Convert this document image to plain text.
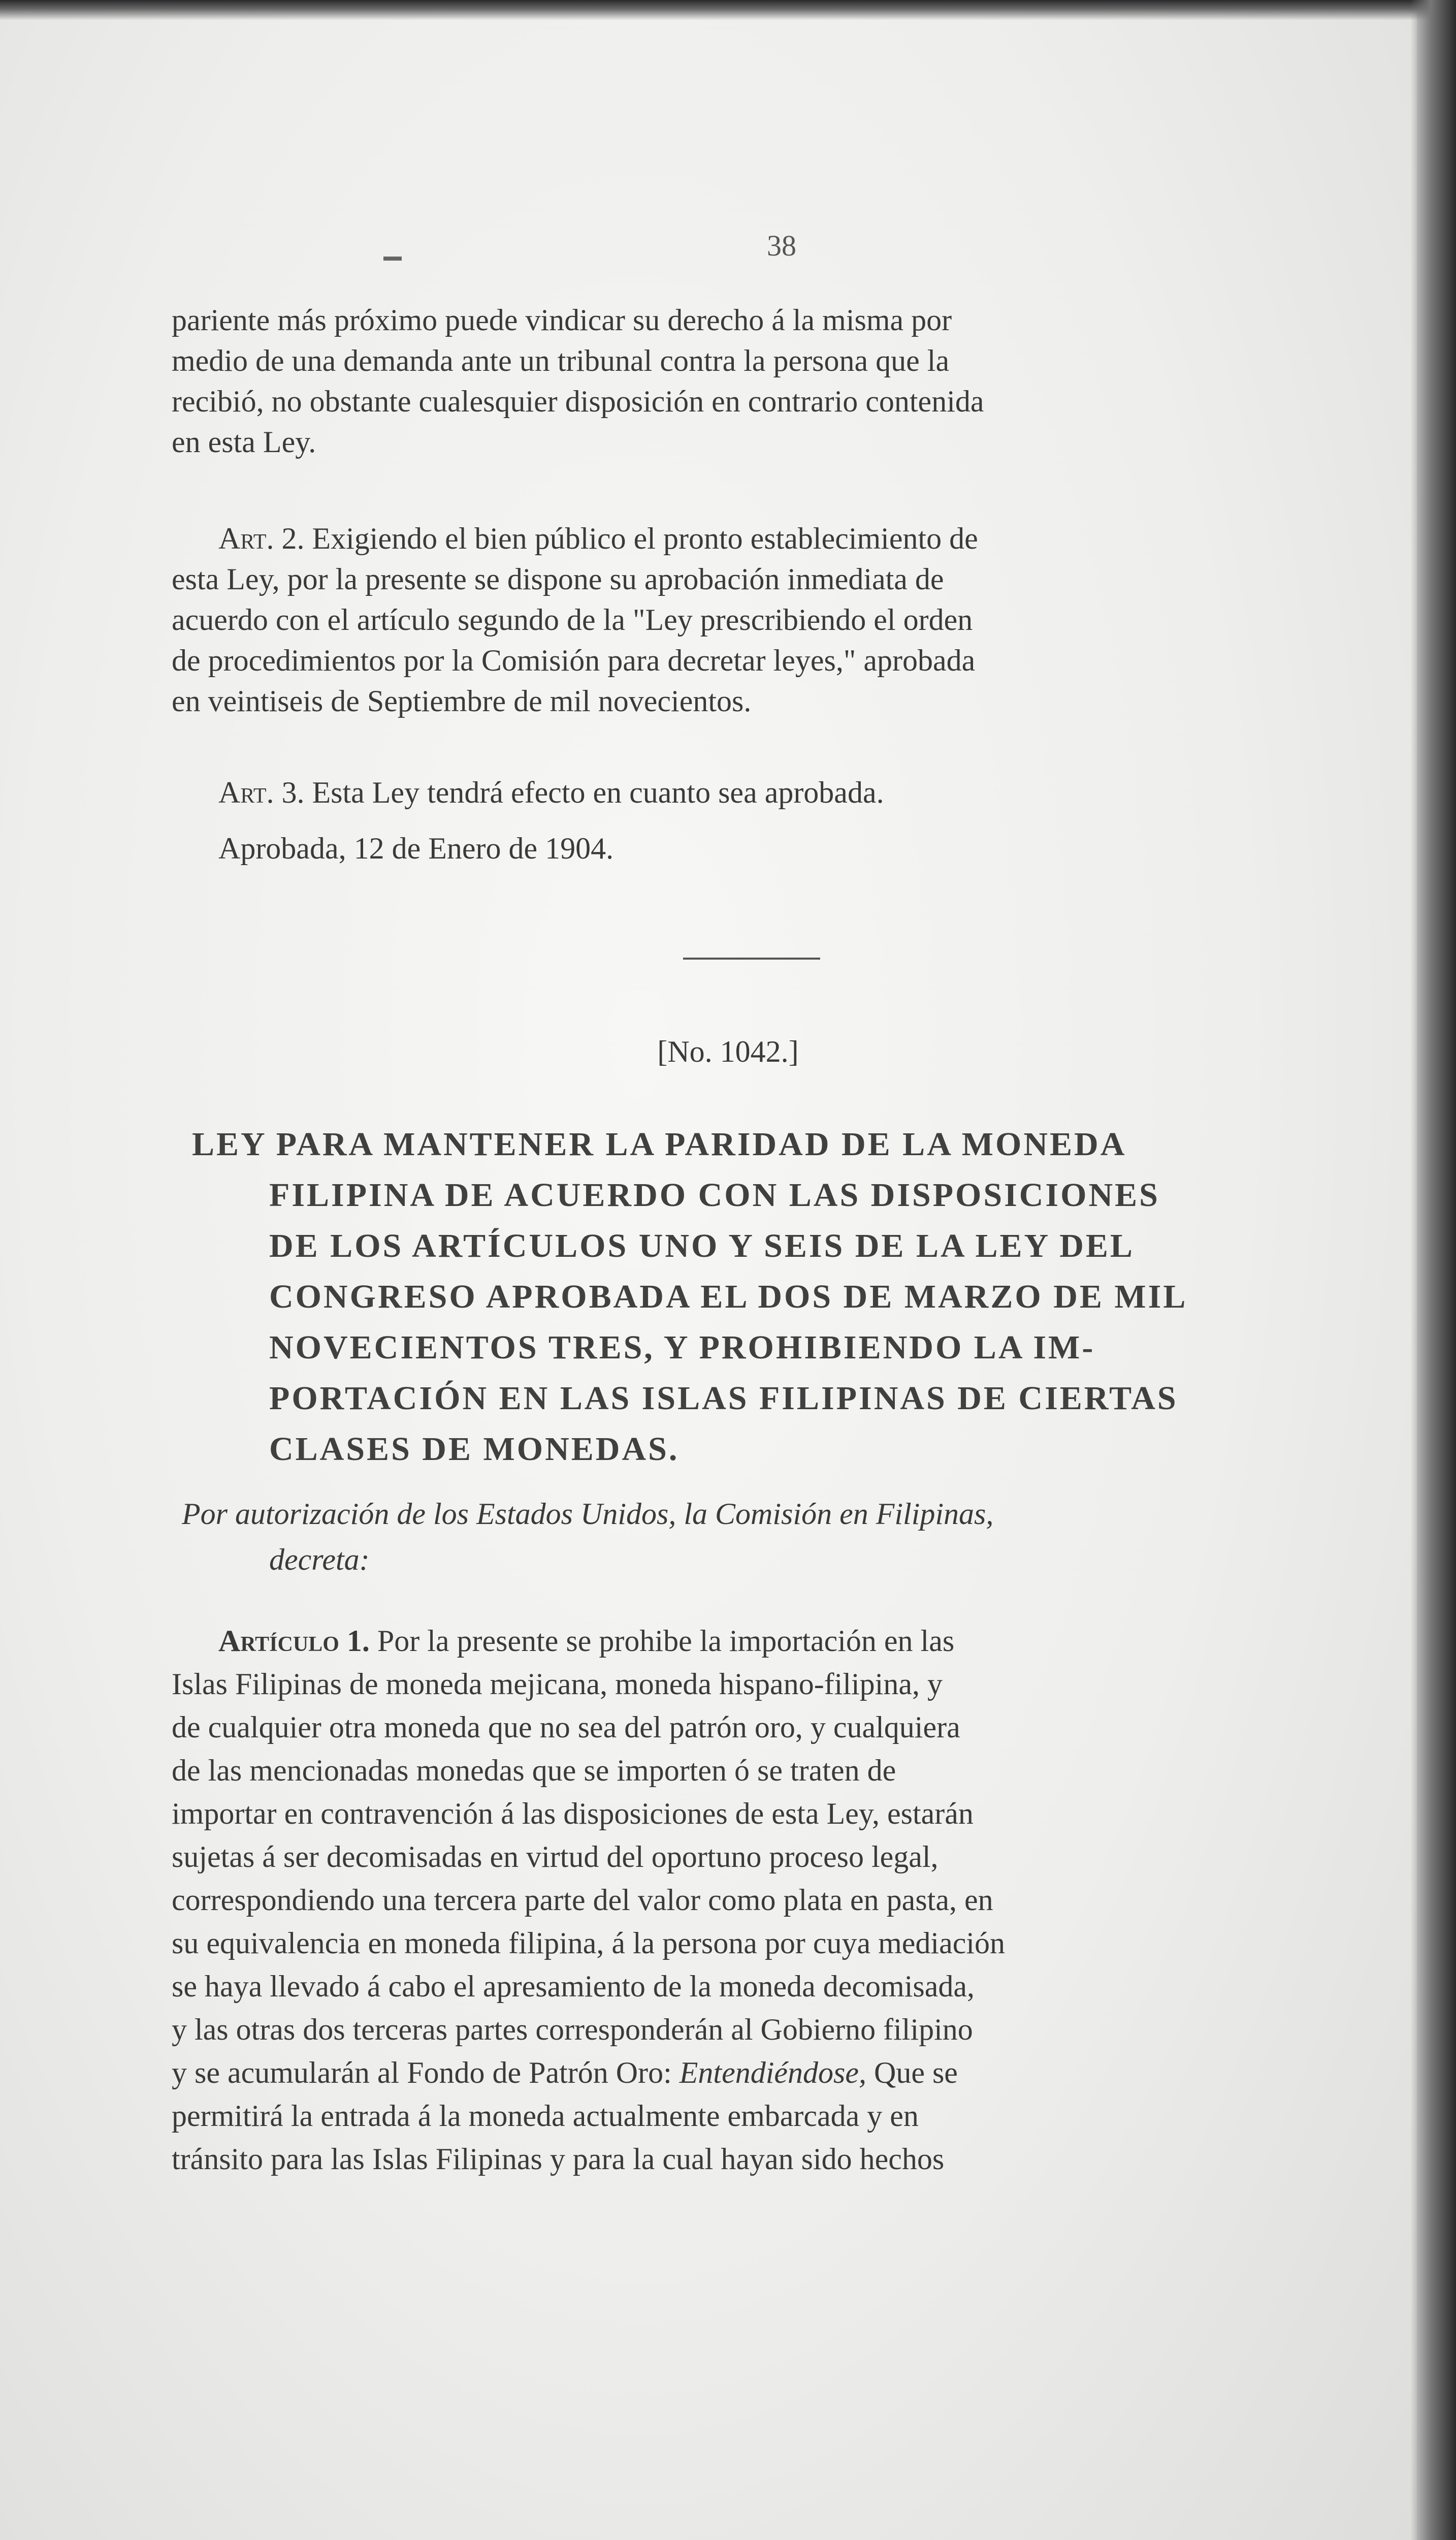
38
pariente más próximo puede vindicar su derecho á la misma por
medio de una demanda ante un tribunal contra la persona que la
recibió, no obstante cualesquier disposición en contrario contenida
en esta Ley.
Art. 2. Exigiendo el bien público el pronto establecimiento de
esta Ley, por la presente se dispone su aprobación inmediata de
acuerdo con el artículo segundo de la "Ley prescribiendo el orden
de procedimientos por la Comisión para decretar leyes," aprobada
en veintiseis de Septiembre de mil novecientos.
Art. 3. Esta Ley tendrá efecto en cuanto sea aprobada.
Aprobada, 12 de Enero de 1904.
[No. 1042.]
LEY PARA MANTENER LA PARIDAD DE LA MONEDA
FILIPINA DE ACUERDO CON LAS DISPOSICIONES
DE LOS ARTÍCULOS UNO Y SEIS DE LA LEY DEL
CONGRESO APROBADA EL DOS DE MARZO DE MIL
NOVECIENTOS TRES, Y PROHIBIENDO LA IM-
PORTACIÓN EN LAS ISLAS FILIPINAS DE CIERTAS
CLASES DE MONEDAS.
Por autorización de los Estados Unidos, la Comisión en Filipinas,
decreta:
Artículo 1. Por la presente se prohibe la importación en las
Islas Filipinas de moneda mejicana, moneda hispano-filipina, y
de cualquier otra moneda que no sea del patrón oro, y cualquiera
de las mencionadas monedas que se importen ó se traten de
importar en contravención á las disposiciones de esta Ley, estarán
sujetas á ser decomisadas en virtud del oportuno proceso legal,
correspondiendo una tercera parte del valor como plata en pasta, en
su equivalencia en moneda filipina, á la persona por cuya mediación
se haya llevado á cabo el apresamiento de la moneda decomisada,
y las otras dos terceras partes corresponderán al Gobierno filipino
y se acumularán al Fondo de Patrón Oro: Entendiéndose, Que se
permitirá la entrada á la moneda actualmente embarcada y en
tránsito para las Islas Filipinas y para la cual hayan sido hechos
